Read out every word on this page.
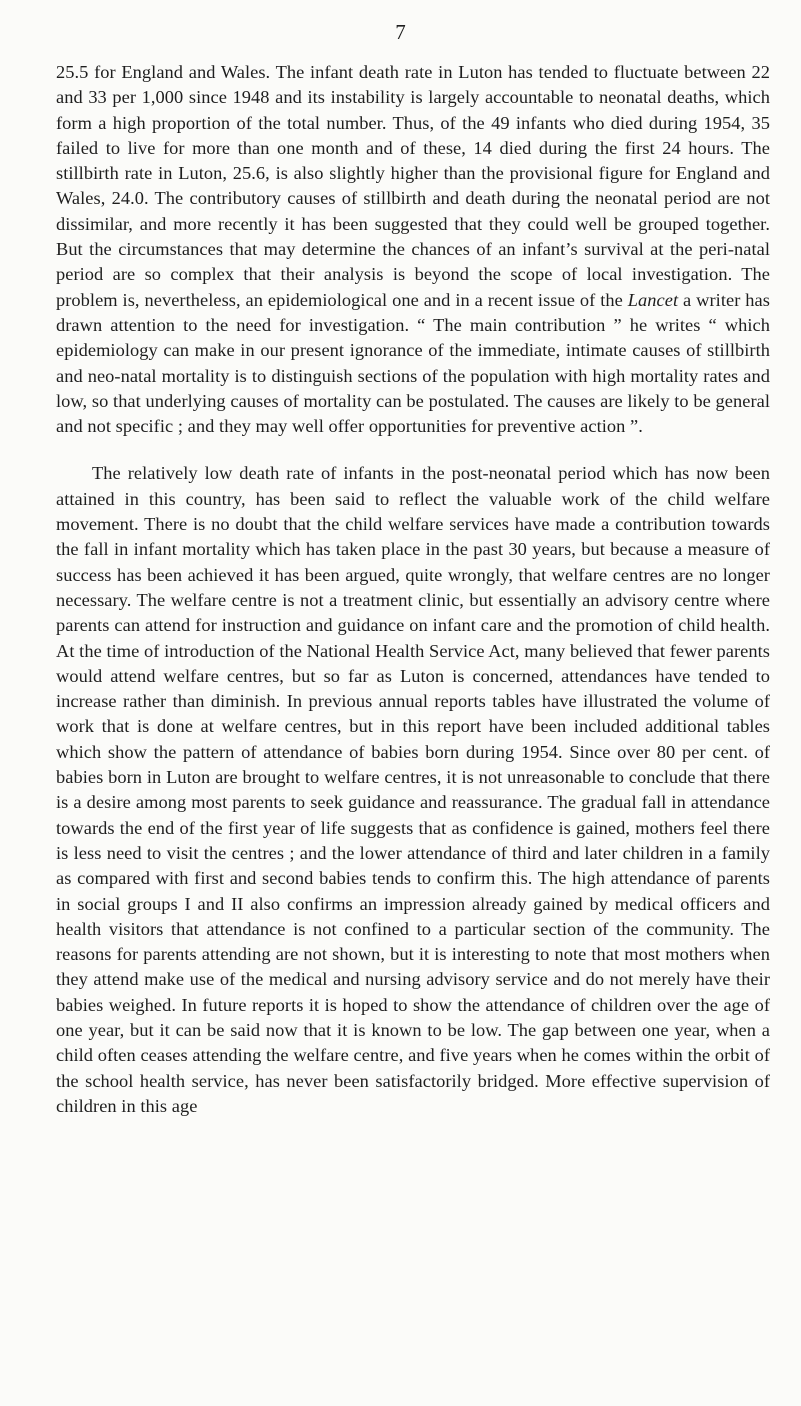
7

25.5 for England and Wales. The infant death rate in Luton has tended to fluctuate between 22 and 33 per 1,000 since 1948 and its instability is largely accountable to neonatal deaths, which form a high proportion of the total number. Thus, of the 49 infants who died during 1954, 35 failed to live for more than one month and of these, 14 died during the first 24 hours. The stillbirth rate in Luton, 25.6, is also slightly higher than the provisional figure for England and Wales, 24.0. The contributory causes of stillbirth and death during the neonatal period are not dissimilar, and more recently it has been suggested that they could well be grouped together. But the circumstances that may determine the chances of an infant’s survival at the peri-natal period are so complex that their analysis is beyond the scope of local investigation. The problem is, nevertheless, an epidemiological one and in a recent issue of the Lancet a writer has drawn attention to the need for investigation. “ The main contribution ” he writes “ which epidemiology can make in our present ignorance of the immediate, intimate causes of stillbirth and neo-natal mortality is to distinguish sections of the population with high mortality rates and low, so that underlying causes of mortality can be postulated. The causes are likely to be general and not specific ; and they may well offer opportunities for preventive action ”.

The relatively low death rate of infants in the post-neonatal period which has now been attained in this country, has been said to reflect the valuable work of the child welfare movement. There is no doubt that the child welfare services have made a contribution towards the fall in infant mortality which has taken place in the past 30 years, but because a measure of success has been achieved it has been argued, quite wrongly, that welfare centres are no longer necessary. The welfare centre is not a treatment clinic, but essentially an advisory centre where parents can attend for instruction and guidance on infant care and the promotion of child health. At the time of introduction of the National Health Service Act, many believed that fewer parents would attend welfare centres, but so far as Luton is concerned, attendances have tended to increase rather than diminish. In previous annual reports tables have illustrated the volume of work that is done at welfare centres, but in this report have been included additional tables which show the pattern of attendance of babies born during 1954. Since over 80 per cent. of babies born in Luton are brought to welfare centres, it is not unreasonable to conclude that there is a desire among most parents to seek guidance and reassurance. The gradual fall in attendance towards the end of the first year of life suggests that as confidence is gained, mothers feel there is less need to visit the centres ; and the lower attendance of third and later children in a family as compared with first and second babies tends to confirm this. The high attendance of parents in social groups I and II also confirms an impression already gained by medical officers and health visitors that attendance is not confined to a particular section of the community. The reasons for parents attending are not shown, but it is interesting to note that most mothers when they attend make use of the medical and nursing advisory service and do not merely have their babies weighed. In future reports it is hoped to show the attendance of children over the age of one year, but it can be said now that it is known to be low. The gap between one year, when a child often ceases attending the welfare centre, and five years when he comes within the orbit of the school health service, has never been satisfactorily bridged. More effective supervision of children in this age
